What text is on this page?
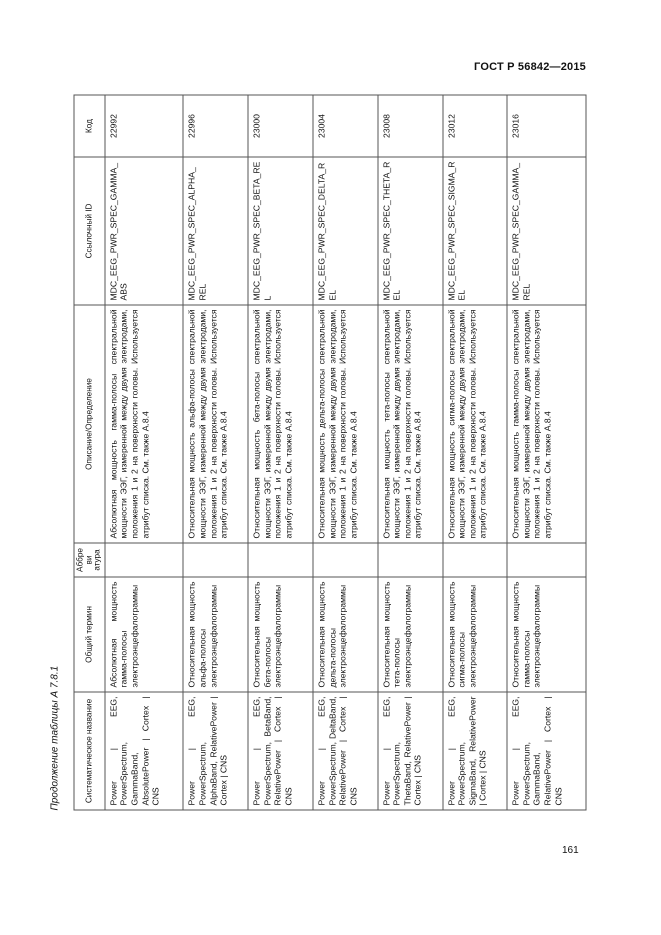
ГОСТ Р 56842—2015
Продолжение таблицы А 7.8.1	Систематическое название	Общий термин	Аббреви атура	Описание/Определение	Ссылочный ID	Код
Power | EEG, PowerSpectrum, GammaBand, AbsolutePower | Cortex | CNS	Абсолютная мощность гамма-полосы электроэнцефалограммы		Абсолютная мощность гамма-полосы спектральной мощности ЭЭГ, измеренной между двумя электродами, положения 1 и 2 на поверхности головы. Используется атрибут списка. См. также А.8.4	MDC_EEG_PWR_SPEC_GAMMA_ABS	22992
Power | EEG, PowerSpectrum, AlphaBand, RelativePower | Cortex | CNS	Относительная мощность альфа-полосы электроэнцефалограммы		Относительная мощность альфа-полосы спектральной мощности ЭЭГ, измеренной между двумя электродами, положения 1 и 2 на поверхности головы. Используется атрибут списка. См. также А.8.4	MDC_EEG_PWR_SPEC_ALPHA_REL	22996
Power | EEG, PowerSpectrum, BetaBand, RelativePower | Cortex | CNS	Относительная мощность бета-полосы электроэнцефалограммы		Относительная мощность бета-полосы спектральной мощности ЭЭГ, измеренной между двумя электродами, положения 1 и 2 на поверхности головы. Используется атрибут списка. См. также А.8.4	MDC_EEG_PWR_SPEC_BETA_REL	23000
Power | EEG, PowerSpectrum, DeltaBand, RelativePower | Cortex | CNS	Относительная мощность дельта-полосы электроэнцефалограммы		Относительная мощность дельта-полосы спектральной мощности ЭЭГ, измеренной между двумя электродами, положения 1 и 2 на поверхности головы. Используется атрибут списка. См. также А.8.4	MDC_EEG_PWR_SPEC_DELTA_REL	23004
Power | EEG, PowerSpectrum, ThetaBand, RelativePower | Cortex | CNS	Относительная мощность тета-полосы электроэнцефалограммы		Относительная мощность тета-полосы спектральной мощности ЭЭГ, измеренной между двумя электродами, положения 1 и 2 на поверхности головы. Используется атрибут списка. См. также А.8.4	MDC_EEG_PWR_SPEC_THETA_REL	23008
Power | EEG, PowerSpectrum, SigmaBand, RelativePower | Cortex | CNS	Относительная мощность сигма-полосы электроэнцефалограммы		Относительная мощность сигма-полосы спектральной мощности ЭЭГ, измеренной между двумя электродами, положения 1 и 2 на поверхности головы. Используется атрибут списка. См. также А.8.4	MDC_EEG_PWR_SPEC_SIGMA_REL	23012
Power | EEG, PowerSpectrum, GammaBand, RelativePower | Cortex | CNS	Относительная мощность гамма-полосы электроэнцефалограммы		Относительная мощность гамма-полосы спектральной мощности ЭЭГ, измеренной между двумя электродами, положения 1 и 2 на поверхности головы. Используется атрибут списка. См. также А.8.4	MDC_EEG_PWR_SPEC_GAMMA_REL	23016
161
